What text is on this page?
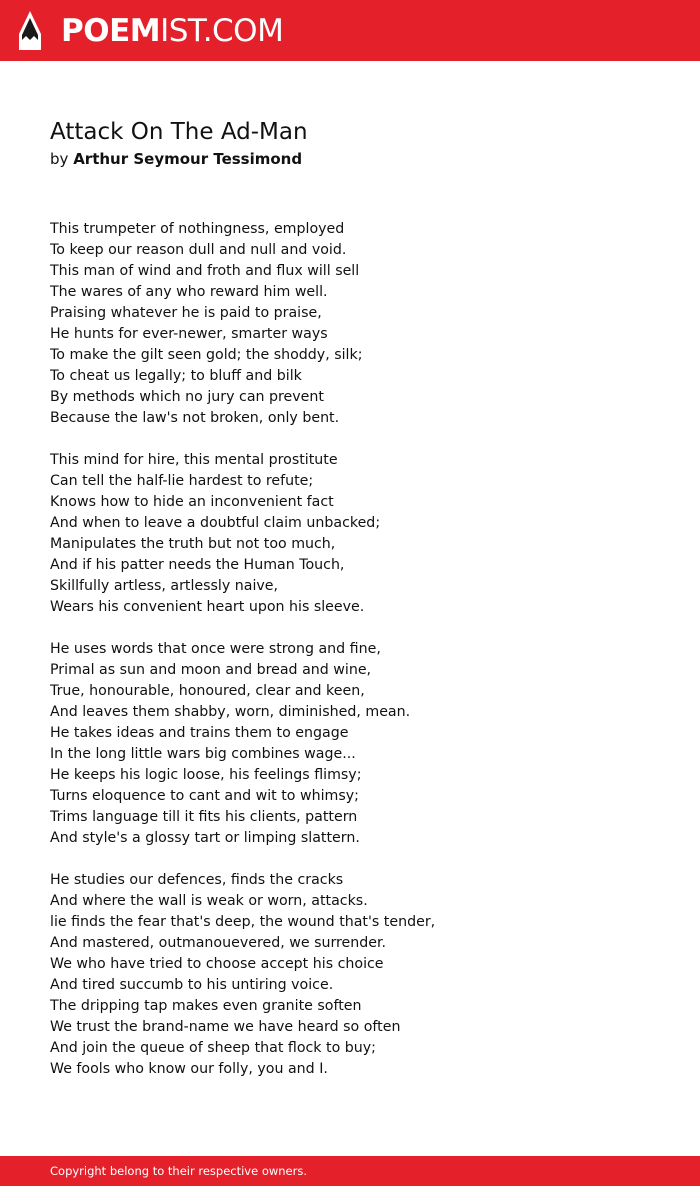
POEMIST.COM
Attack On The Ad-Man
by Arthur Seymour Tessimond
This trumpeter of nothingness, employed
To keep our reason dull and null and void.
This man of wind and froth and flux will sell
The wares of any who reward him well.
Praising whatever he is paid to praise,
He hunts for ever-newer, smarter ways
To make the gilt seen gold; the shoddy, silk;
To cheat us legally; to bluff and bilk
By methods which no jury can prevent
Because the law's not broken, only bent.
This mind for hire, this mental prostitute
Can tell the half-lie hardest to refute;
Knows how to hide an inconvenient fact
And when to leave a doubtful claim unbacked;
Manipulates the truth but not too much,
And if his patter needs the Human Touch,
Skillfully artless, artlessly naive,
Wears his convenient heart upon his sleeve.
He uses words that once were strong and fine,
Primal as sun and moon and bread and wine,
True, honourable, honoured, clear and keen,
And leaves them shabby, worn, diminished, mean.
He takes ideas and trains them to engage
In the long little wars big combines wage...
He keeps his logic loose, his feelings flimsy;
Turns eloquence to cant and wit to whimsy;
Trims language till it fits his clients, pattern
And style's a glossy tart or limping slattern.
He studies our defences, finds the cracks
And where the wall is weak or worn, attacks.
lie finds the fear that's deep, the wound that's tender,
And mastered, outmanouevered, we surrender.
We who have tried to choose accept his choice
And tired succumb to his untiring voice.
The dripping tap makes even granite soften
We trust the brand-name we have heard so often
And join the queue of sheep that flock to buy;
We fools who know our folly, you and I.
Copyright belong to their respective owners.
